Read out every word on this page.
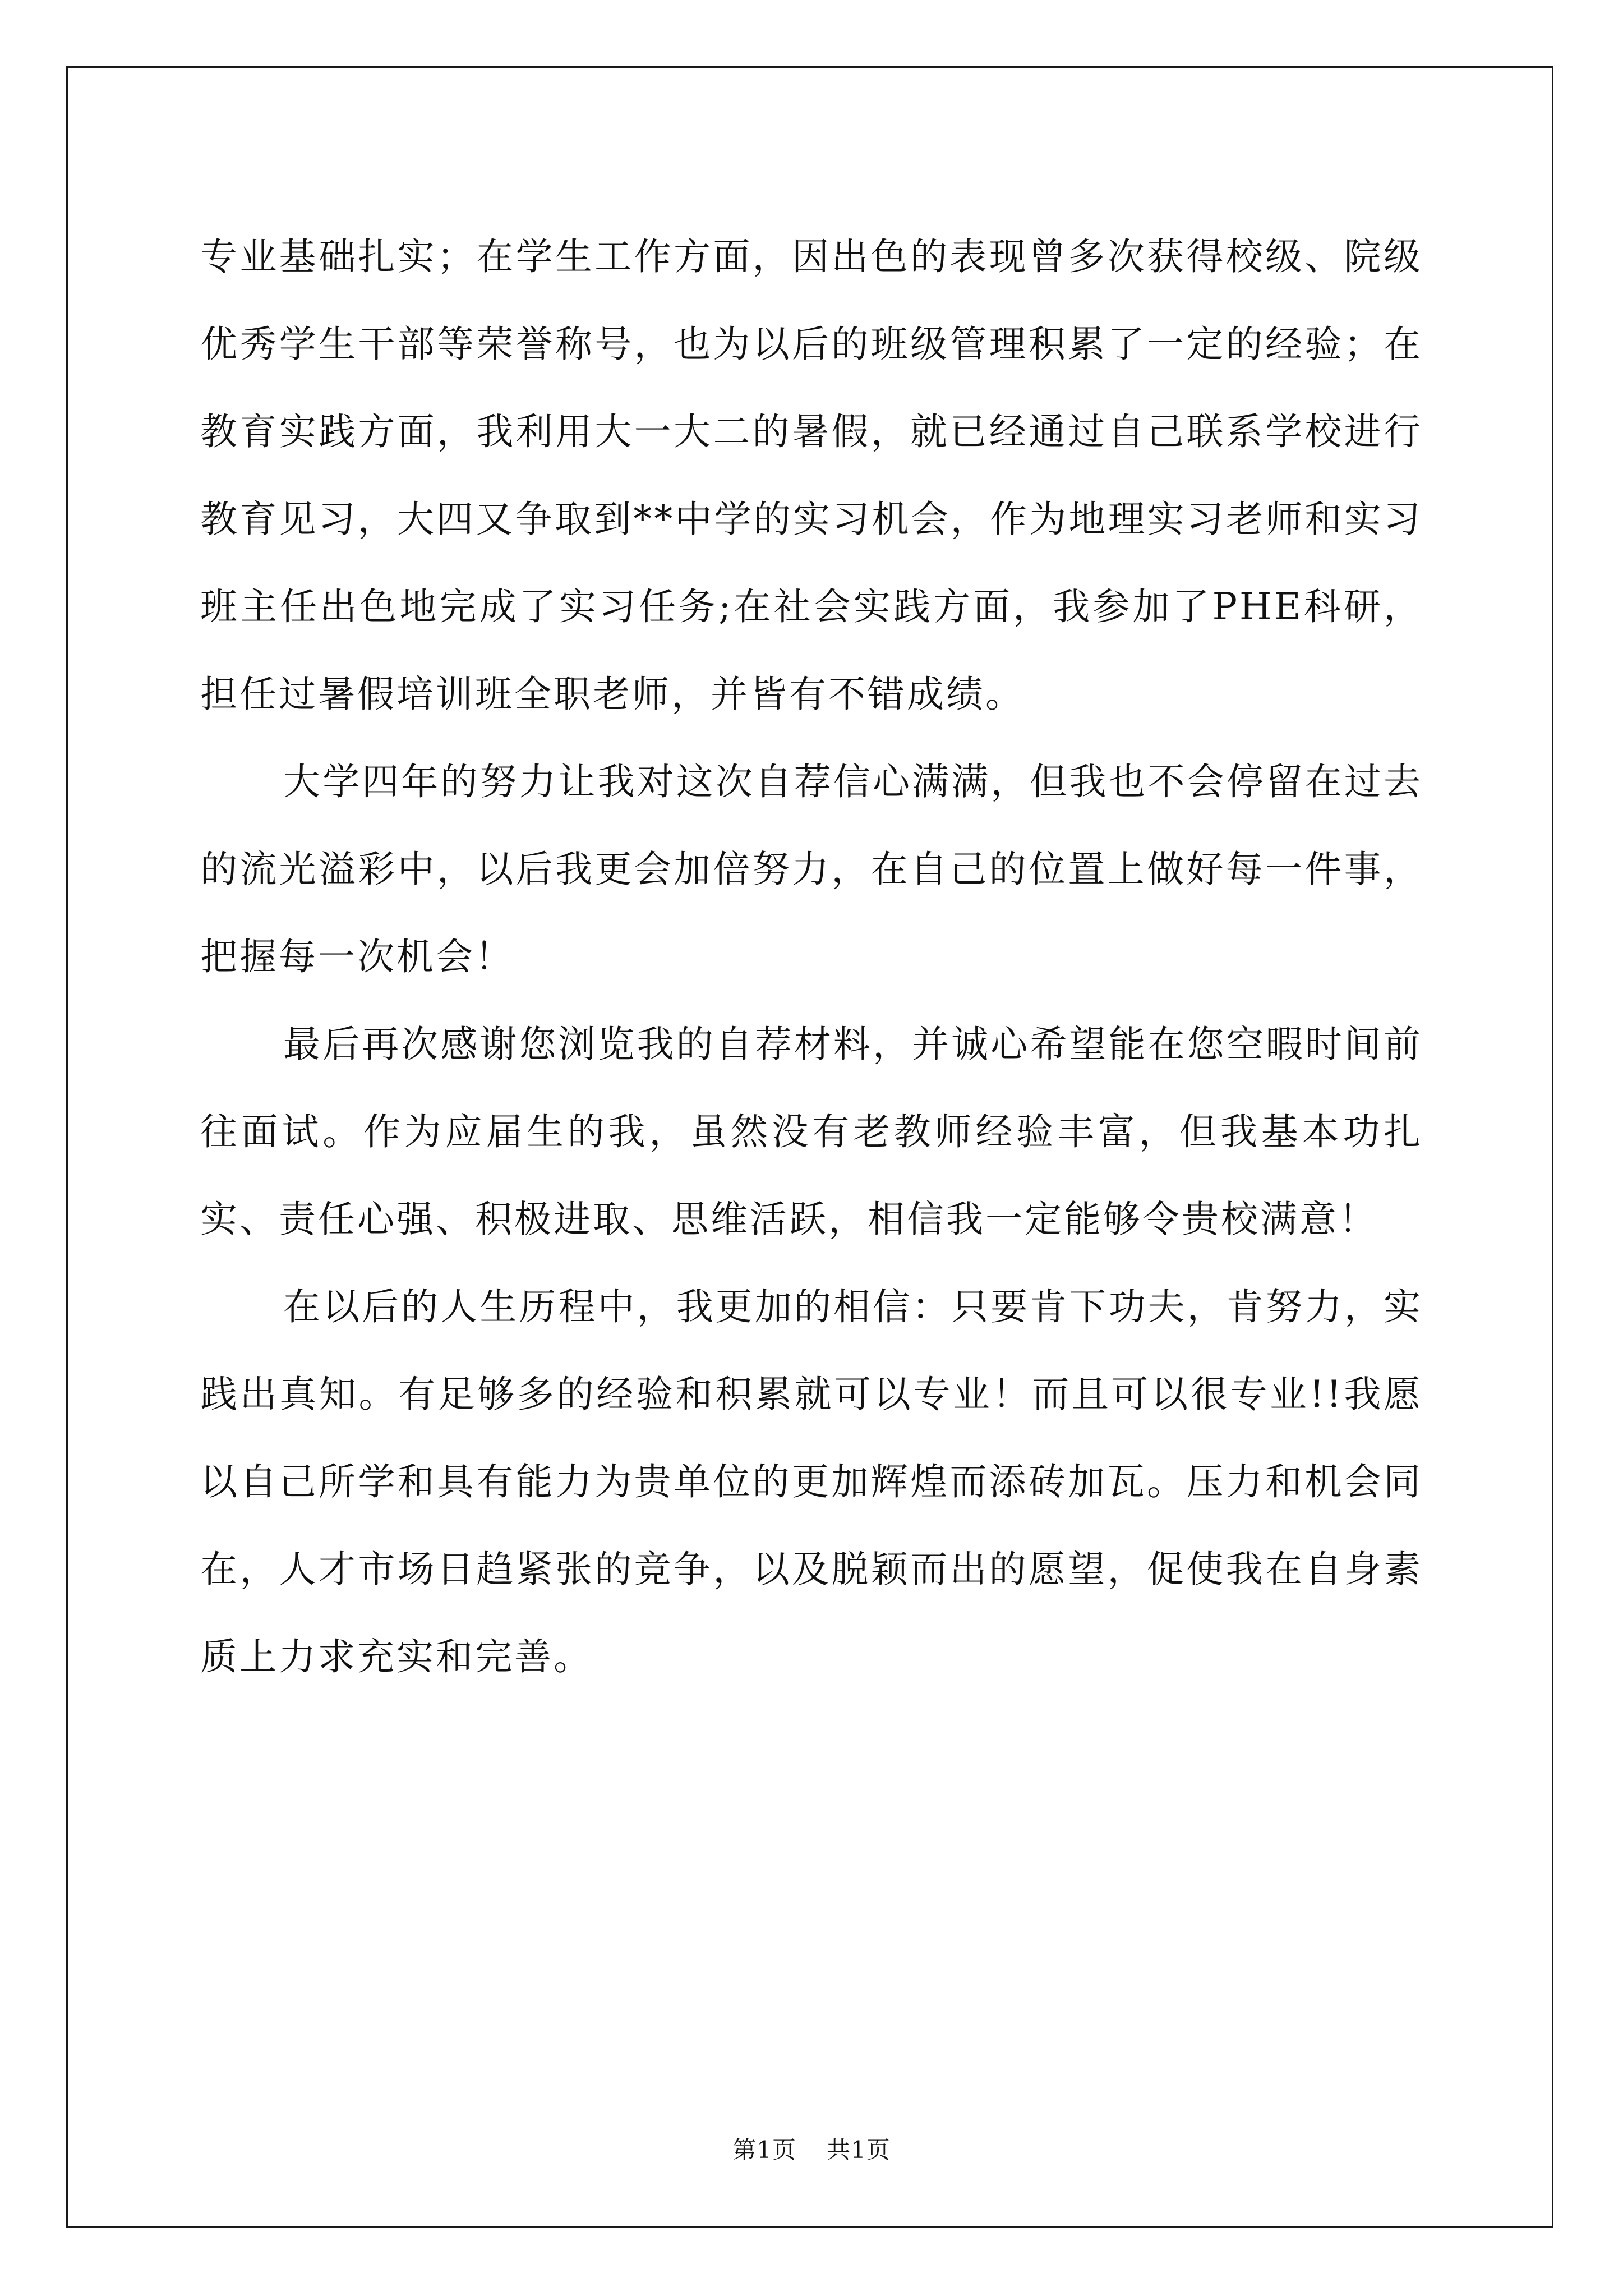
专业基础扎实；在学生工作方面，因出色的表现曾多次获得校级、院级优秀学生干部等荣誉称号，也为以后的班级管理积累了一定的经验；在教育实践方面，我利用大一大二的暑假，就已经通过自己联系学校进行教育见习，大四又争取到**中学的实习机会，作为地理实习老师和实习班主任出色地完成了实习任务;在社会实践方面，我参加了PHE科研，担任过暑假培训班全职老师，并皆有不错成绩。

大学四年的努力让我对这次自荐信心满满，但我也不会停留在过去的流光溢彩中，以后我更会加倍努力，在自己的位置上做好每一件事，把握每一次机会！

最后再次感谢您浏览我的自荐材料，并诚心希望能在您空暇时间前往面试。作为应届生的我，虽然没有老教师经验丰富，但我基本功扎实、责任心强、积极进取、思维活跃，相信我一定能够令贵校满意！

在以后的人生历程中，我更加的相信：只要肯下功夫，肯努力，实践出真知。有足够多的经验和积累就可以专业！而且可以很专业!!我愿以自己所学和具有能力为贵单位的更加辉煌而添砖加瓦。压力和机会同在，人才市场日趋紧张的竞争，以及脱颖而出的愿望，促使我在自身素质上力求充实和完善。

第1页 共1页
